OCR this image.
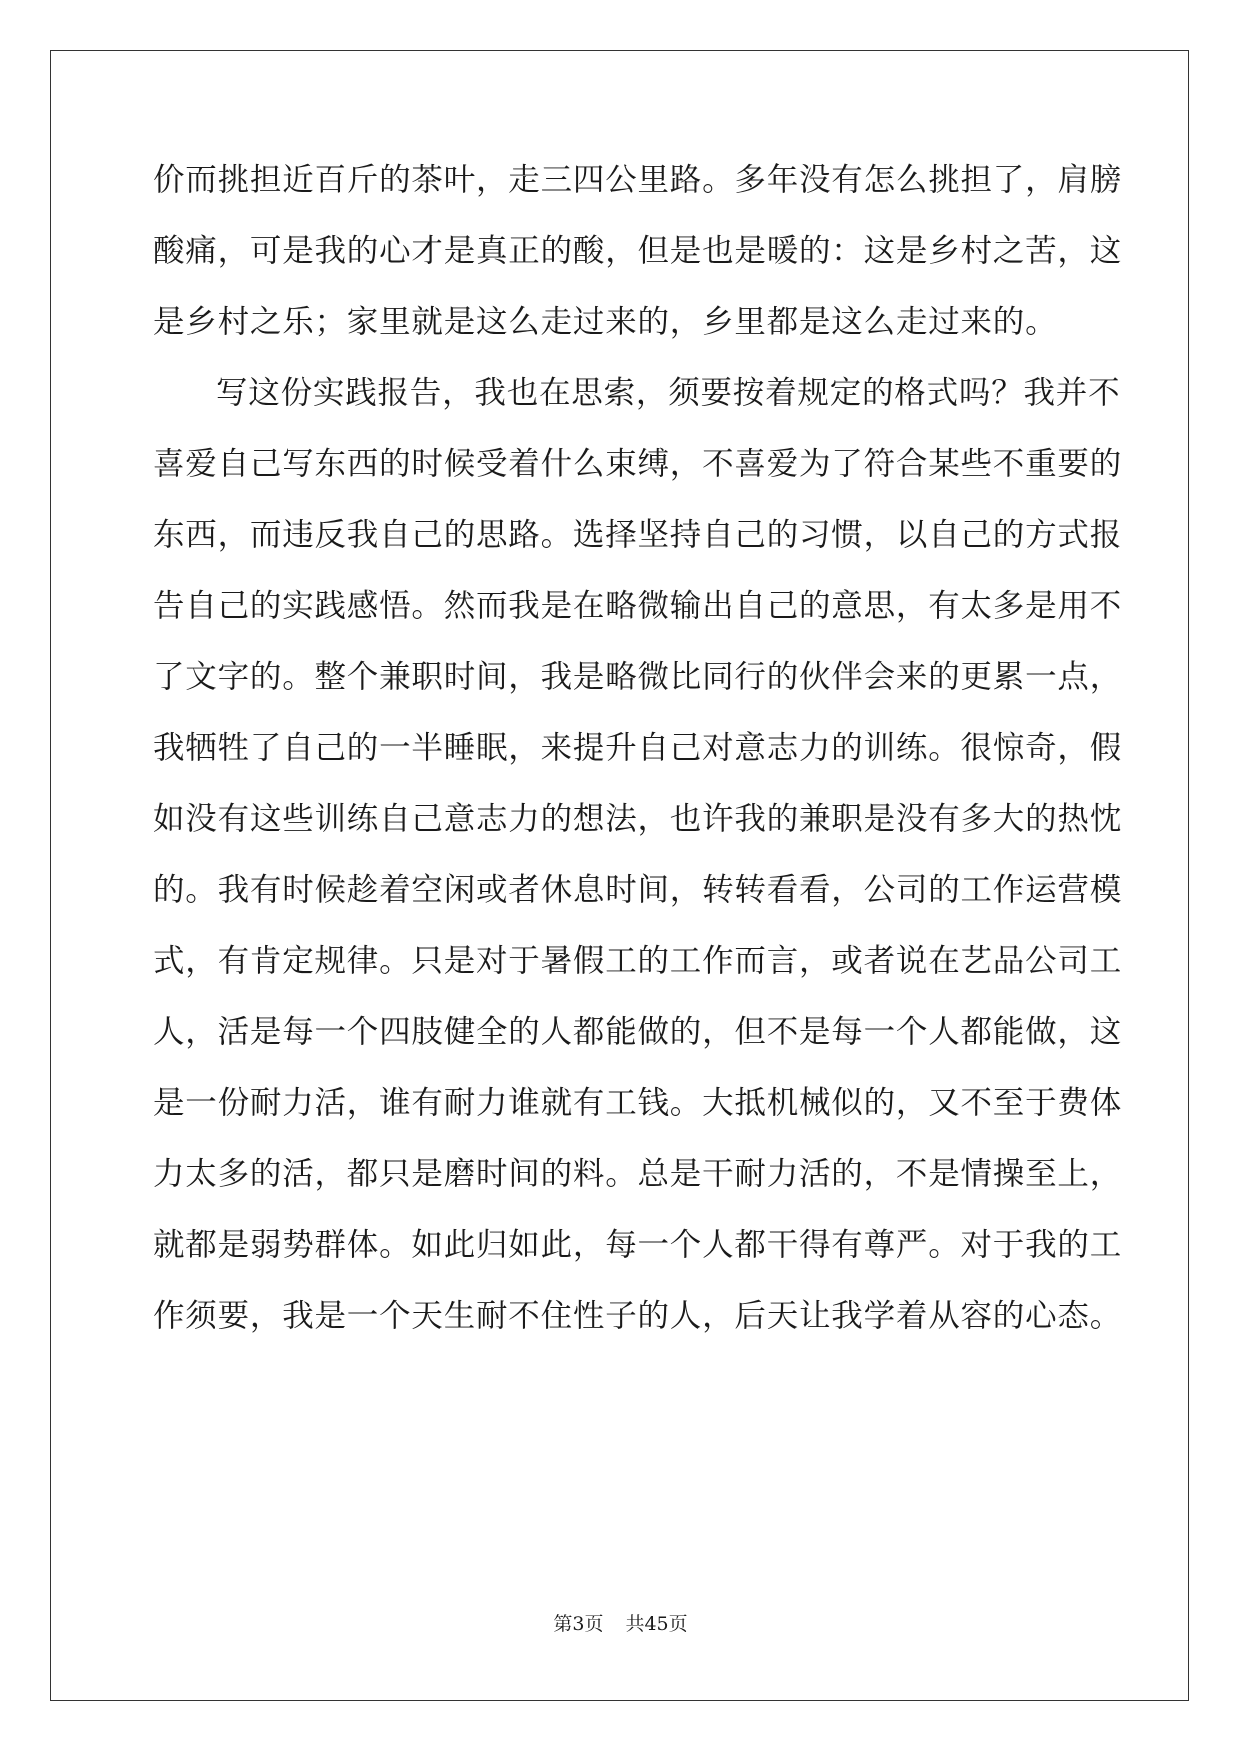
价而挑担近百斤的茶叶，走三四公里路。多年没有怎么挑担了，肩膀
酸痛，可是我的心才是真正的酸，但是也是暖的：这是乡村之苦，这
是乡村之乐；家里就是这么走过来的，乡里都是这么走过来的。
写这份实践报告，我也在思索，须要按着规定的格式吗？我并不
喜爱自己写东西的时候受着什么束缚，不喜爱为了符合某些不重要的
东西，而违反我自己的思路。选择坚持自己的习惯，以自己的方式报
告自己的实践感悟。然而我是在略微输出自己的意思，有太多是用不
了文字的。整个兼职时间，我是略微比同行的伙伴会来的更累一点，
我牺牲了自己的一半睡眠，来提升自己对意志力的训练。很惊奇，假
如没有这些训练自己意志力的想法，也许我的兼职是没有多大的热忱
的。我有时候趁着空闲或者休息时间，转转看看，公司的工作运营模
式，有肯定规律。只是对于暑假工的工作而言，或者说在艺品公司工
人，活是每一个四肢健全的人都能做的，但不是每一个人都能做，这
是一份耐力活，谁有耐力谁就有工钱。大抵机械似的，又不至于费体
力太多的活，都只是磨时间的料。总是干耐力活的，不是情操至上，
就都是弱势群体。如此归如此，每一个人都干得有尊严。对于我的工
作须要，我是一个天生耐不住性子的人，后天让我学着从容的心态。
第3页 共45页
